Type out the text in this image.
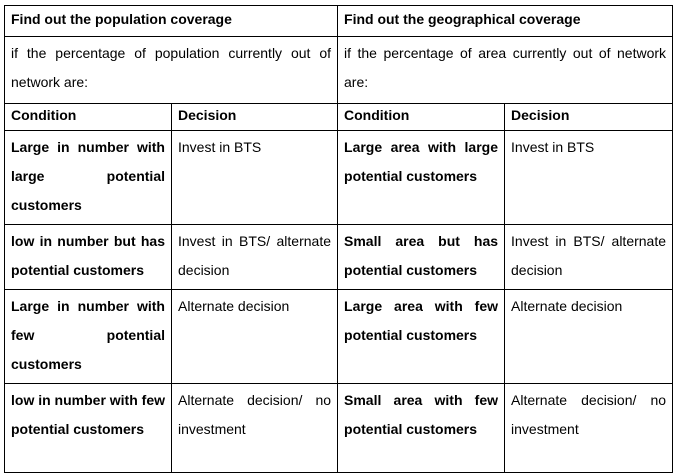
Find out the population coverage		Find out the geographical coverage	
if the percentage of population currently out of network are:		if the percentage of area currently out of network are:	
Condition	Decision	Condition	Decision
Large in number with large potential customers	Invest in BTS	Large area with large potential customers	Invest in BTS
low in number but has potential customers	Invest in BTS/ alternate decision	Small area but has potential customers	Invest in BTS/ alternate decision
Large in number with few potential customers	Alternate decision	Large area with few potential customers	Alternate decision
low in number with few potential customers	Alternate decision/ no investment	Small area with few potential customers	Alternate decision/ no investment
